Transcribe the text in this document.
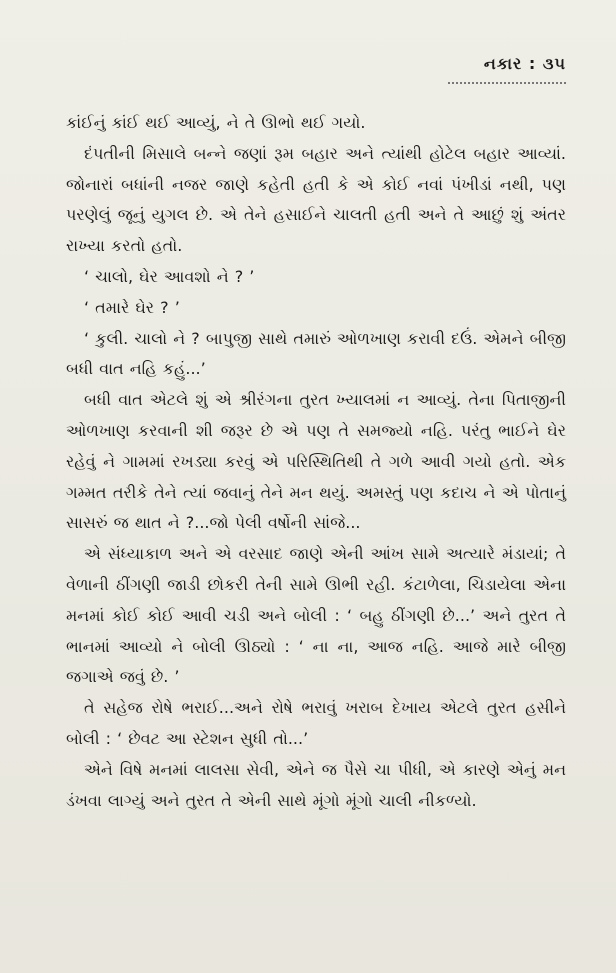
નકાર : ૩૫

કાંઈનું કાંઈ થઈ આવ્યું, ને તે ઊભો થઈ ગયો.

દંપતીની મિસાલે બન્ને જણાં રૂમ બહાર અને ત્યાંથી હોટેલ બહાર આવ્યાં. જોનારાં બધાંની નજર જાણે કહેતી હતી કે એ કોઈ નવાં પંખીડાં નથી, પણ પરણેલું જૂનું યુગલ છે. એ તેને હસાઈને ચાલતી હતી અને તે આછું શું અંતર રાખ્યા કરતો હતો.

‘ ચાલો, ઘેર આવશો ને ? ’

‘ તમારે ઘેર ? ’

‘ કુલી. ચાલો ને ? બાપુજી સાથે તમારું ઓળખાણ કરાવી દઉં. એમને બીજી બધી વાત નહિ કહું...’

બધી વાત એટલે શું એ શ્રીરંગના તુરત ખ્યાલમાં ન આવ્યું. તેના પિતાજીની ઓળખાણ કરવાની શી જરૂર છે એ પણ તે સમજ્યો નહિ. પરંતુ ભાઈને ઘેર રહેવું ને ગામમાં રખડ્યા કરવું એ પરિસ્થિતિથી તે ગળે આવી ગયો હતો. એક ગમ્મત તરીકે તેને ત્યાં જવાનું તેને મન થયું. અમસ્તું પણ કદાચ ને એ પોતાનું સાસરું જ થાત ને ?...જો પેલી વર્ષોની સાંજે...

એ સંધ્યાકાળ અને એ વરસાદ જાણે એની આંખ સામે અત્યારે મંડાયાં; તે વેળાની ઠીંગણી જાડી છોકરી તેની સામે ઊભી રહી. કંટાળેલા, ચિડાયેલા એના મનમાં કોઈ કોઈ આવી ચડી અને બોલી : ‘ બહુ ઠીંગણી છે...’ અને તુરત તે ભાનમાં આવ્યો ને બોલી ઊઠ્યો : ‘ ના ના, આજ નહિ. આજે મારે બીજી જગાએ જવું છે. ’

તે સહેજ રોષે ભરાઈ...અને રોષે ભરાવું ખરાબ દેખાય એટલે તુરત હસીને બોલી : ‘ છેવટ આ સ્ટેશન સુધી તો...’

એને વિષે મનમાં લાલસા સેવી, એને જ પૈસે ચા પીધી, એ કારણે એનું મન ડંખવા લાગ્યું અને તુરત તે એની સાથે મૂંગો મૂંગો ચાલી નીકળ્યો.
